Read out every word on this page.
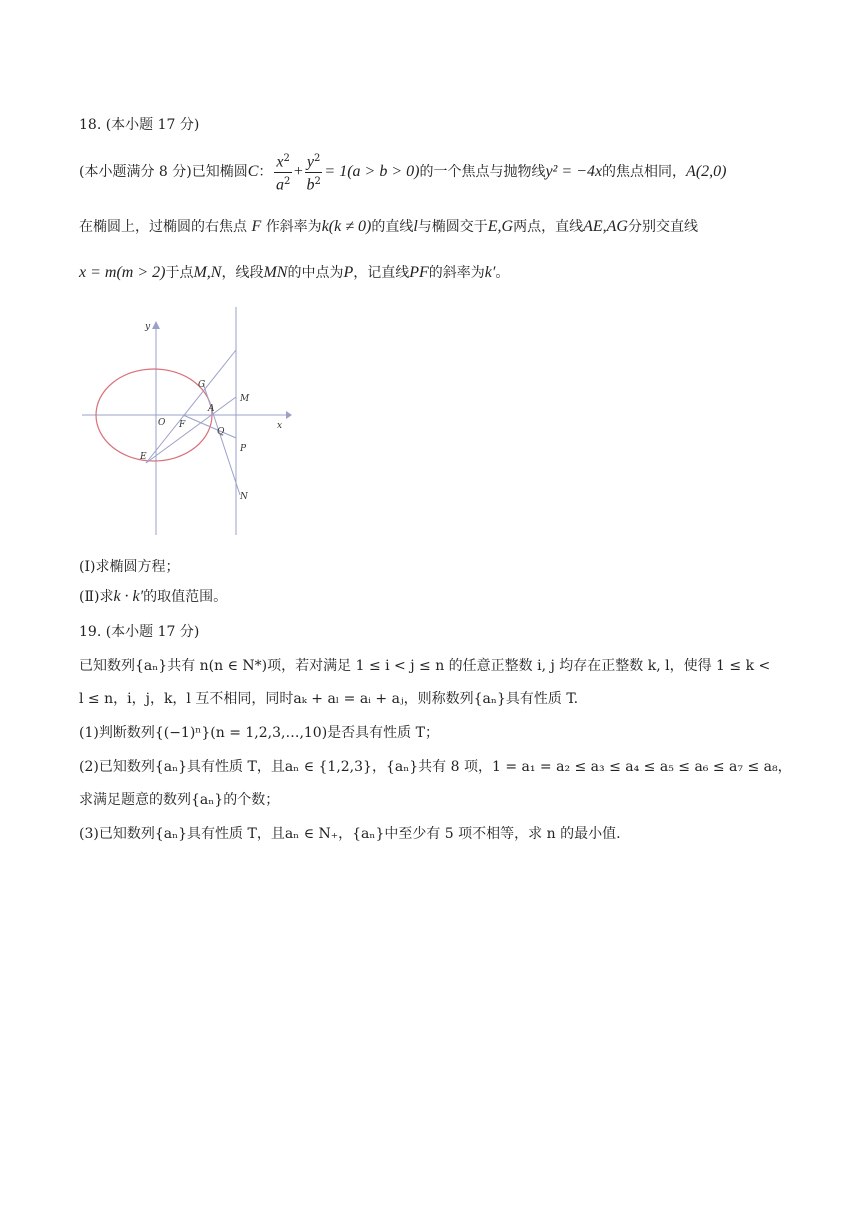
18. (本小题 17 分)
(本小题满分 8 分)已知椭圆C： $\frac{x^2}{a^2} + \frac{y^2}{b^2} = 1(a > b > 0)$的一个焦点与抛物线y² = −4x的焦点相同，A(2,0)
在椭圆上，过椭圆的右焦点 F 作斜率为k(k ≠ 0)的直线l与椭圆交于E,G两点，直线AE,AG分别交直线
x = m(m > 2)于点M,N，线段MN的中点为P，记直线PF的斜率为k′。
y
x
O F
G
A
M
Q
P
E
N
(Ⅰ)求椭圆方程；
(Ⅱ)求k · k′的取值范围。
19. (本小题 17 分)
已知数列{aₙ}共有 n(n ∈ N*)项，若对满足 1 ≤ i < j ≤ n 的任意正整数 i, j 均存在正整数 k, l，使得 1 ≤ k <
l ≤ n，i，j，k，l 互不相同，同时aₖ + aₗ = aᵢ + aⱼ，则称数列{aₙ}具有性质 T.
(1)判断数列{(−1)ⁿ}(n = 1,2,3,…,10)是否具有性质 T；
(2)已知数列{aₙ}具有性质 T，且aₙ ∈ {1,2,3}，{aₙ}共有 8 项，1 = a₁ = a₂ ≤ a₃ ≤ a₄ ≤ a₅ ≤ a₆ ≤ a₇ ≤ a₈，
求满足题意的数列{aₙ}的个数；
(3)已知数列{aₙ}具有性质 T，且aₙ ∈ N₊，{aₙ}中至少有 5 项不相等，求 n 的最小值.
